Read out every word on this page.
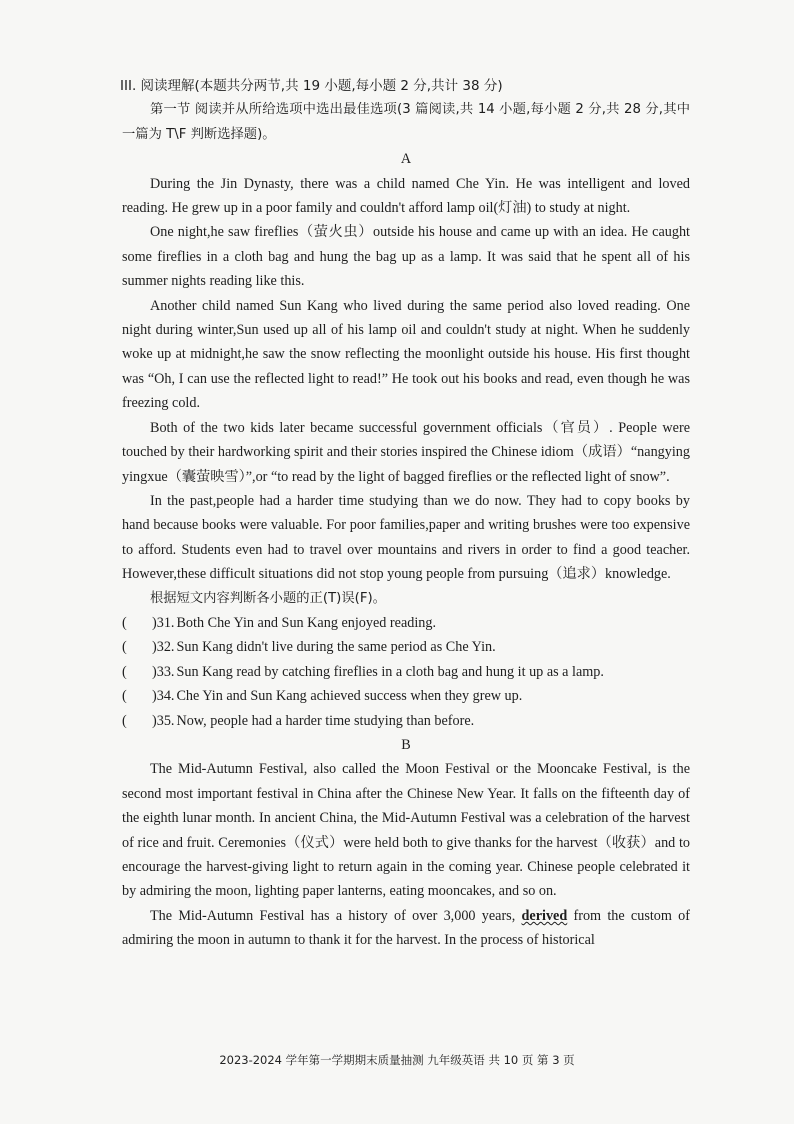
III. 阅读理解(本题共分两节,共 19 小题,每小题 2 分,共计 38 分)
第一节 阅读并从所给选项中选出最佳选项(3 篇阅读,共 14 小题,每小题 2 分,共 28 分,其中一篇为 T\F 判断选择题)。
A

During the Jin Dynasty, there was a child named Che Yin. He was intelligent and loved reading. He grew up in a poor family and couldn't afford lamp oil(灯油) to study at night.

One night,he saw fireflies（萤火虫）outside his house and came up with an idea. He caught some fireflies in a cloth bag and hung the bag up as a lamp. It was said that he spent all of his summer nights reading like this.

Another child named Sun Kang who lived during the same period also loved reading. One night during winter,Sun used up all of his lamp oil and couldn't study at night. When he suddenly woke up at midnight,he saw the snow reflecting the moonlight outside his house. His first thought was “Oh, I can use the reflected light to read!” He took out his books and read, even though he was freezing cold.

Both of the two kids later became successful government officials（官员）. People were touched by their hardworking spirit and their stories inspired the Chinese idiom（成语）“nangying yingxue（囊萤映雪）”,or “to read by the light of bagged fireflies or the reflected light of snow”.

In the past,people had a harder time studying than we do now. They had to copy books by hand because books were valuable. For poor families,paper and writing brushes were too expensive to afford. Students even had to travel over mountains and rivers in order to find a good teacher. However,these difficult situations did not stop young people from pursuing（追求）knowledge.

根据短文内容判断各小题的正(T)误(F)。
(	) 31. Both Che Yin and Sun Kang enjoyed reading.
(	) 32. Sun Kang didn't live during the same period as Che Yin.
(	) 33. Sun Kang read by catching fireflies in a cloth bag and hung it up as a lamp.
(	) 34. Che Yin and Sun Kang achieved success when they grew up.
(	) 35. Now, people had a harder time studying than before.
B

The Mid-Autumn Festival, also called the Moon Festival or the Mooncake Festival, is the second most important festival in China after the Chinese New Year. It falls on the fifteenth day of the eighth lunar month. In ancient China, the Mid-Autumn Festival was a celebration of the harvest of rice and fruit. Ceremonies（仪式）were held both to give thanks for the harvest（收获）and to encourage the harvest-giving light to return again in the coming year. Chinese people celebrated it by admiring the moon, lighting paper lanterns, eating mooncakes, and so on.

The Mid-Autumn Festival has a history of over 3,000 years, derived from the custom of admiring the moon in autumn to thank it for the harvest. In the process of historical

2023-2024 学年第一学期期末质量抽测 九年级英语 共 10 页 第 3 页
